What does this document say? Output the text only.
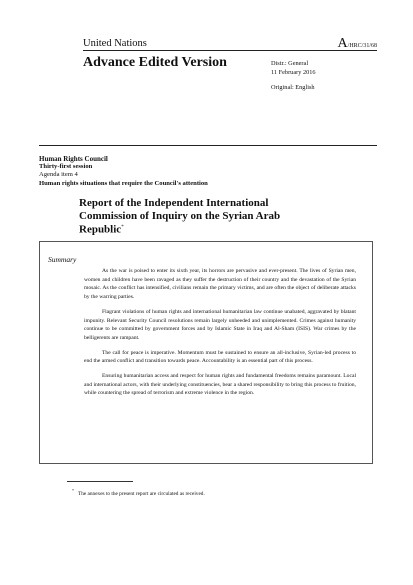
United Nations	A/HRC/31/68
Advance Edited Version	Distr.: General
11 February 2016
Original: English
Human Rights Council
Thirty-first session
Agenda item 4
Human rights situations that require the Council's attention
Report of the Independent International Commission of Inquiry on the Syrian Arab Republic*
Summary

As the war is poised to enter its sixth year, its horrors are pervasive and ever-present. The lives of Syrian men, women and children have been ravaged as they suffer the destruction of their country and the devastation of the Syrian mosaic. As the conflict has intensified, civilians remain the primary victims, and are often the object of deliberate attacks by the warring parties.

Flagrant violations of human rights and international humanitarian law continue unabated, aggravated by blatant impunity. Relevant Security Council resolutions remain largely unheeded and unimplemented. Crimes against humanity continue to be committed by government forces and by Islamic State in Iraq and Al-Sham (ISIS). War crimes by the belligerents are rampant.

The call for peace is imperative. Momentum must be sustained to ensure an all-inclusive, Syrian-led process to end the armed conflict and transition towards peace. Accountability is an essential part of this process.

Ensuring humanitarian access and respect for human rights and fundamental freedoms remains paramount. Local and international actors, with their underlying constituencies, bear a shared responsibility to bring this process to fruition, while countering the spread of terrorism and extreme violence in the region.

*The annexes to the present report are circulated as received.
